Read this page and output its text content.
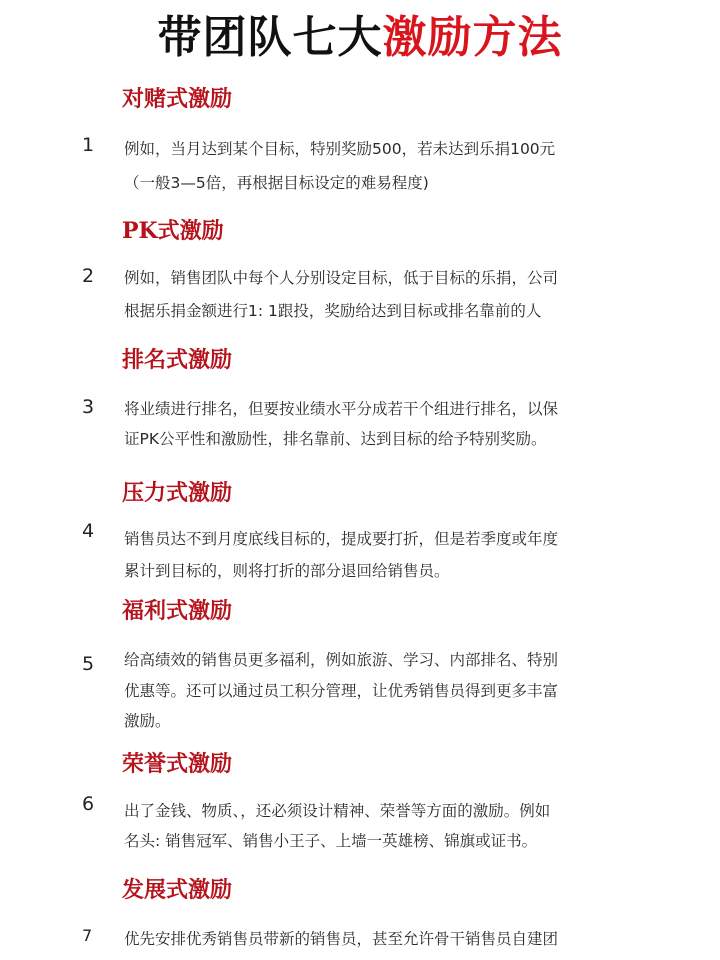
带团队七大激励方法
对赌式激励
1 例如，当月达到某个目标，特别奖励500，若未达到乐捐100元
（一般3—5倍，再根据目标设定的难易程度)
PK式激励
2 例如，销售团队中每个人分别设定目标，低于目标的乐捐，公司
根据乐捐金额进行1: 1跟投，奖励给达到目标或排名靠前的人
排名式激励
3 将业绩进行排名，但要按业绩水平分成若干个组进行排名，以保
证PK公平性和激励性，排名靠前、达到目标的给予特别奖励。
压力式激励
4 销售员达不到月度底线目标的，提成要打折，但是若季度或年度
累计到目标的，则将打折的部分退回给销售员。
福利式激励
5 给高绩效的销售员更多福利，例如旅游、学习、内部排名、特别
优惠等。还可以通过员工积分管理，让优秀销售员得到更多丰富
激励。
荣誉式激励
6 出了金钱、物质、，还必须设计精神、荣誉等方面的激励。例如
名头: 销售冠军、销售小王子、上墙一英雄榜、锦旗或证书。
发展式激励
7 优先安排优秀销售员带新的销售员，甚至允许骨干销售员自建团
